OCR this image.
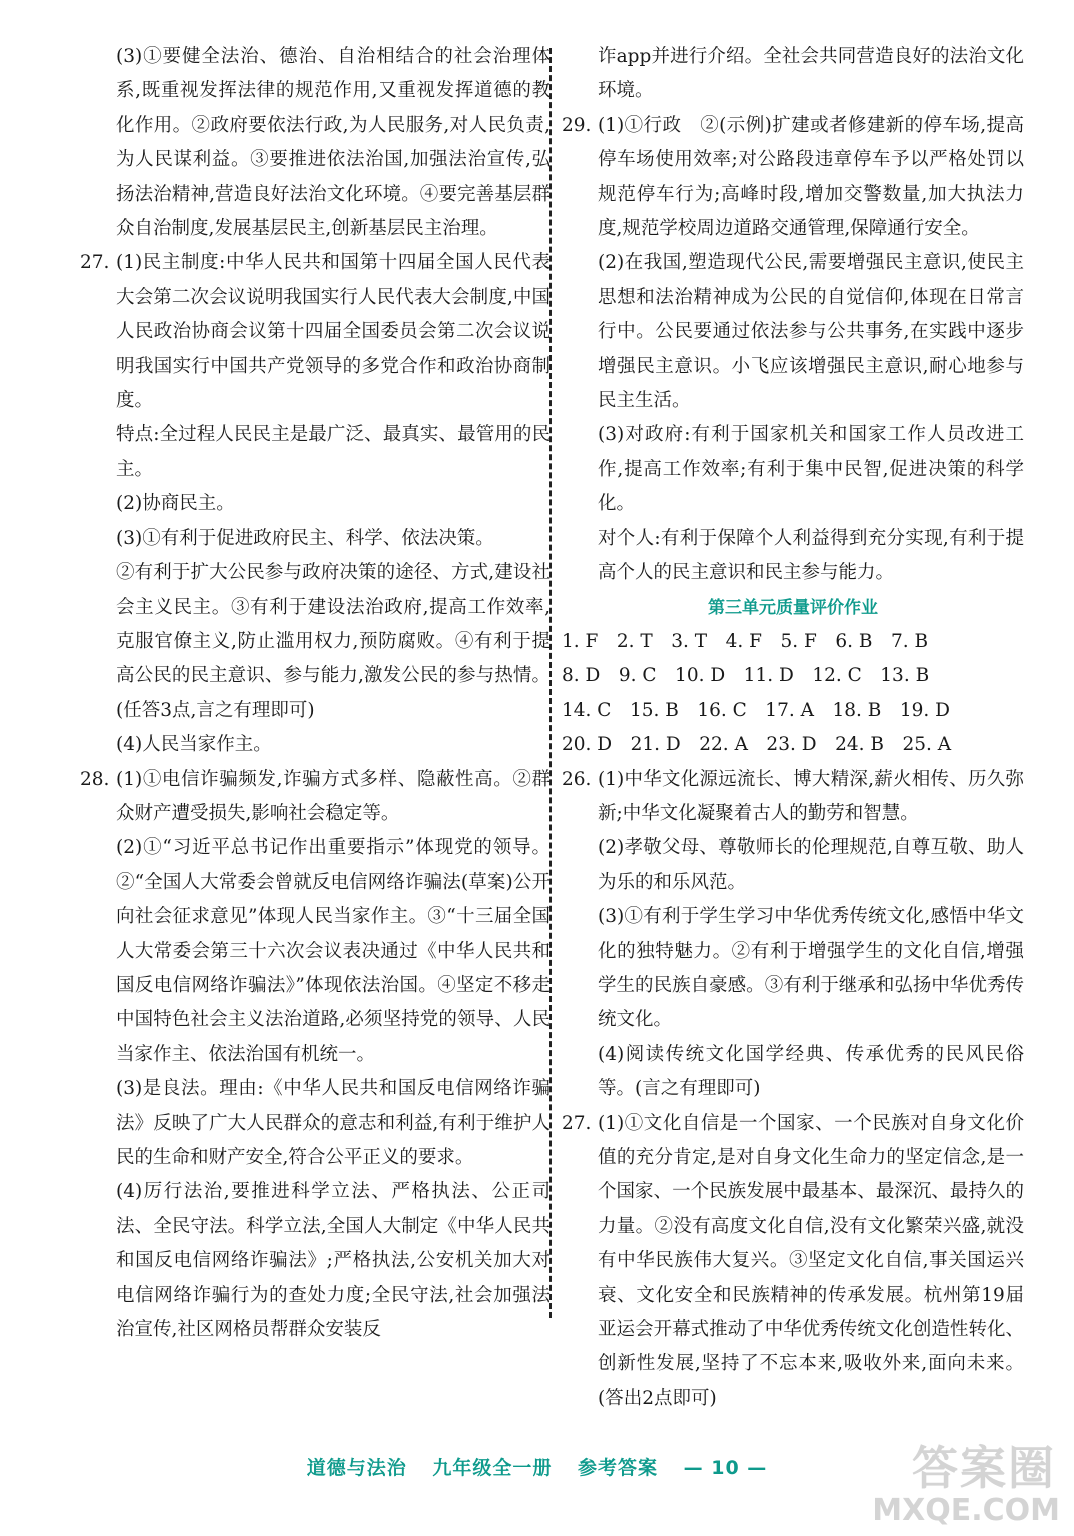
(3)①要健全法治、德治、自治相结合的社会治理体系,既重视发挥法律的规范作用,又重视发挥道德的教化作用。②政府要依法行政,为人民服务,对人民负责,为人民谋利益。③要推进依法治国,加强法治宣传,弘扬法治精神,营造良好法治文化环境。④要完善基层群众自治制度,发展基层民主,创新基层民主治理。

27. (1)民主制度:中华人民共和国第十四届全国人民代表大会第二次会议说明我国实行人民代表大会制度,中国人民政治协商会议第十四届全国委员会第二次会议说明我国实行中国共产党领导的多党合作和政治协商制度。

特点:全过程人民民主是最广泛、最真实、最管用的民主。

(2)协商民主。

(3)①有利于促进政府民主、科学、依法决策。

②有利于扩大公民参与政府决策的途径、方式,建设社会主义民主。③有利于建设法治政府,提高工作效率,克服官僚主义,防止滥用权力,预防腐败。④有利于提高公民的民主意识、参与能力,激发公民的参与热情。(任答3点,言之有理即可)

(4)人民当家作主。

28. (1)①电信诈骗频发,诈骗方式多样、隐蔽性高。②群众财产遭受损失,影响社会稳定等。

(2)①“习近平总书记作出重要指示”体现党的领导。②“全国人大常委会曾就反电信网络诈骗法(草案)公开向社会征求意见”体现人民当家作主。③“十三届全国人大常委会第三十六次会议表决通过《中华人民共和国反电信网络诈骗法》”体现依法治国。④坚定不移走中国特色社会主义法治道路,必须坚持党的领导、人民当家作主、依法治国有机统一。

(3)是良法。理由:《中华人民共和国反电信网络诈骗法》反映了广大人民群众的意志和利益,有利于维护人民的生命和财产安全,符合公平正义的要求。

(4)厉行法治,要推进科学立法、严格执法、公正司法、全民守法。科学立法,全国人大制定《中华人民共和国反电信网络诈骗法》;严格执法,公安机关加大对电信网络诈骗行为的查处力度;全民守法,社会加强法治宣传,社区网格员帮群众安装反

诈app并进行介绍。全社会共同营造良好的法治文化环境。

29. (1)①行政　②(示例)扩建或者修建新的停车场,提高停车场使用效率;对公路段违章停车予以严格处罚以规范停车行为;高峰时段,增加交警数量,加大执法力度,规范学校周边道路交通管理,保障通行安全。

(2)在我国,塑造现代公民,需要增强民主意识,使民主思想和法治精神成为公民的自觉信仰,体现在日常言行中。公民要通过依法参与公共事务,在实践中逐步增强民主意识。小飞应该增强民主意识,耐心地参与民主生活。

(3)对政府:有利于国家机关和国家工作人员改进工作,提高工作效率;有利于集中民智,促进决策的科学化。

对个人:有利于保障个人利益得到充分实现,有利于提高个人的民主意识和民主参与能力。

第三单元质量评价作业

1. F　2. T　3. T　4. F　5. F　6. B　7. B

8. D　9. C　10. D　11. D　12. C　13. B

14. C　15. B　16. C　17. A　18. B　19. D

20. D　21. D　22. A　23. D　24. B　25. A

26. (1)中华文化源远流长、博大精深,薪火相传、历久弥新;中华文化凝聚着古人的勤劳和智慧。

(2)孝敬父母、尊敬师长的伦理规范,自尊互敬、助人为乐的和乐风范。

(3)①有利于学生学习中华优秀传统文化,感悟中华文化的独特魅力。②有利于增强学生的文化自信,增强学生的民族自豪感。③有利于继承和弘扬中华优秀传统文化。

(4)阅读传统文化国学经典、传承优秀的民风民俗等。(言之有理即可)

27. (1)①文化自信是一个国家、一个民族对自身文化价值的充分肯定,是对自身文化生命力的坚定信念,是一个国家、一个民族发展中最基本、最深沉、最持久的力量。②没有高度文化自信,没有文化繁荣兴盛,就没有中华民族伟大复兴。③坚定文化自信,事关国运兴衰、文化安全和民族精神的传承发展。杭州第19届亚运会开幕式推动了中华优秀传统文化创造性转化、创新性发展,坚持了不忘本来,吸收外来,面向未来。(答出2点即可)

道德与法治 九年级全一册 参考答案 — 10 —	答案圈
MXQE.COM
